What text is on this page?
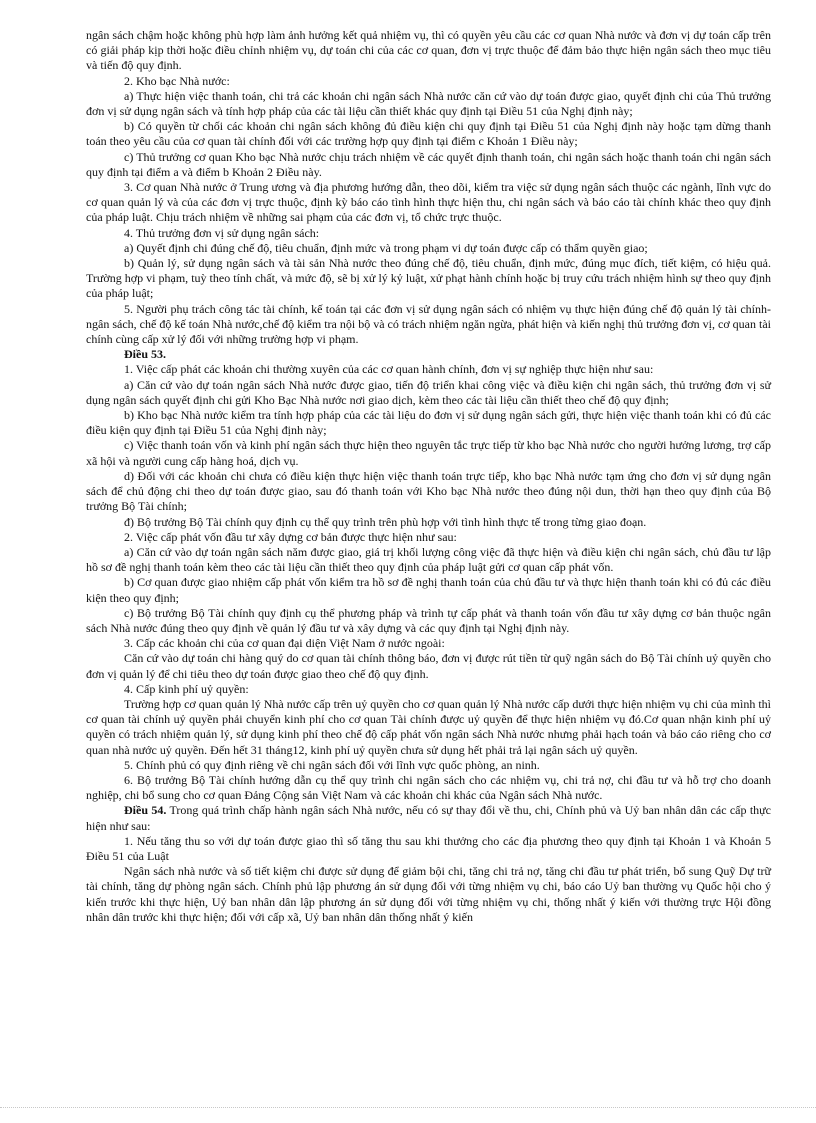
ngân sách chậm hoặc không phù hợp làm ảnh hưởng kết quả nhiệm vụ, thì có quyền yêu cầu các cơ quan Nhà nước và đơn vị dự toán cấp trên có giải pháp kịp thời hoặc điều chỉnh nhiệm vụ, dự toán chi của các cơ quan, đơn vị trực thuộc để đảm bảo thực hiện ngân sách theo mục tiêu và tiến độ quy định.

2. Kho bạc Nhà nước:

a) Thực hiện việc thanh toán, chi trả các khoản chi ngân sách Nhà nước căn cứ vào dự toán được giao, quyết định chi của Thủ trưởng đơn vị sử dụng ngân sách và tính hợp pháp của các tài liệu cần thiết khác quy định tại Điều 51 của Nghị định này;

b) Có quyền từ chối các khoản chi ngân sách không đủ điều kiện chi quy định tại Điều 51 của Nghị định này hoặc tạm dừng thanh toán theo yêu cầu của cơ quan tài chính đối với các trường hợp quy định tại điểm c Khoản 1 Điều này;

c) Thủ trưởng cơ quan Kho bạc Nhà nước chịu trách nhiệm về các quyết định thanh toán, chi ngân sách hoặc thanh toán chi ngân sách quy định tại điểm a và điểm b Khoản 2 Điều này.

3. Cơ quan Nhà nước ở Trung ương và địa phương hướng dẫn, theo dõi, kiểm tra việc sử dụng ngân sách thuộc các ngành, lĩnh vực do cơ quan quản lý và của các đơn vị trực thuộc, định kỳ báo cáo tình hình thực hiện thu, chi ngân sách và báo cáo tài chính khác theo quy định của pháp luật. Chịu trách nhiệm về những sai phạm của các đơn vị, tổ chức trực thuộc.

4. Thủ trưởng đơn vị sử dụng ngân sách:

a) Quyết định chi đúng chế độ, tiêu chuẩn, định mức và trong phạm vi dự toán được cấp có thẩm quyền giao;

b) Quản lý, sử dụng ngân sách và tài sản Nhà nước theo đúng chế độ, tiêu chuẩn, định mức, đúng mục đích, tiết kiệm, có hiệu quả. Trường hợp vi phạm, tuỳ theo tính chất, và mức độ, sẽ bị xử lý kỷ luật, xử phạt hành chính hoặc bị truy cứu trách nhiệm hình sự theo quy định của pháp luật;

5. Người phụ trách công tác tài chính, kế toán tại các đơn vị sử dụng ngân sách có nhiệm vụ thực hiện đúng chế độ quản lý tài chính- ngân sách, chế độ kế toán Nhà nước,chế độ kiểm tra nội bộ và có trách nhiệm ngăn ngừa, phát hiện và kiến nghị thủ trưởng đơn vị, cơ quan tài chính cùng cấp xử lý đối với những trường hợp vi phạm.

Điều 53.

1. Việc cấp phát các khoản chi thường xuyên của các cơ quan hành chính, đơn vị sự nghiệp thực hiện như sau:

a) Căn cứ vào dự toán ngân sách Nhà nước được giao, tiến độ triển khai công việc và điều kiện chi ngân sách, thủ trưởng đơn vị sử dụng ngân sách quyết định chi gửi Kho Bạc Nhà nước nơi giao dịch, kèm theo các tài liệu cần thiết theo chế độ quy định;

b) Kho bạc Nhà nước kiểm tra tính hợp pháp của các tài liệu do đơn vị sử dụng ngân sách gửi, thực hiện việc thanh toán khi có đủ các điều kiện quy định tại Điều 51 của Nghị định này;

c) Việc thanh toán vốn và kinh phí ngân sách thực hiện theo nguyên tắc trực tiếp từ kho bạc Nhà nước cho người hưởng lương, trợ cấp xã hội và người cung cấp hàng hoá, dịch vụ.

d) Đối với các khoản chi chưa có điều kiện thực hiện việc thanh toán trực tiếp, kho bạc Nhà nước tạm ứng cho đơn vị sử dụng ngân sách để chủ động chi theo dự toán được giao, sau đó thanh toán với Kho bạc Nhà nước theo đúng nội dun, thời hạn theo quy định của Bộ trưởng Bộ Tài chính;

đ) Bộ trưởng Bộ Tài chính quy định cụ thể quy trình trên phù hợp với tình hình thực tế trong từng giao đoạn.

2. Việc cấp phát vốn đầu tư xây dựng cơ bản được thực hiện như sau:

a) Căn cứ vào dự toán ngân sách năm được giao, giá trị khối lượng công việc đã thực hiện và điều kiện chi ngân sách, chủ đầu tư lập hồ sơ đề nghị thanh toán kèm theo các tài liệu cần thiết theo quy định của pháp luật gửi cơ quan cấp phát vốn.

b) Cơ quan được giao nhiệm cấp phát vốn kiểm tra hồ sơ đề nghị thanh toán của chủ đầu tư và thực hiện thanh toán khi có đủ các điều kiện theo quy định;

c) Bộ trưởng Bộ Tài chính quy định cụ thể phương pháp và trình tự cấp phát và thanh toán vốn đầu tư xây dựng cơ bản thuộc ngân sách Nhà nước đúng theo quy định về quản lý đầu tư và xây dựng và các quy định tại Nghị định này.

3. Cấp các khoản chi của cơ quan đại diện Việt Nam ở nước ngoài:

Căn cứ vào dự toán chi hàng quý do cơ quan tài chính thông báo, đơn vị được rút tiền từ quỹ ngân sách do Bộ Tài chính uỷ quyền cho đơn vị quản lý để chi tiêu theo dự toán được giao theo chế độ quy định.

4. Cấp kinh phí uỷ quyền:

Trường hợp cơ quan quản lý Nhà nước cấp trên uỷ quyền cho cơ quan quản lý Nhà nước cấp dưới thực hiện nhiệm vụ chi của mình thì cơ quan tài chính uỷ quyền phải chuyển kinh phí cho cơ quan Tài chính được uỷ quyền để thực hiện nhiệm vụ đó.Cơ quan nhận kinh phí uỷ quyền có trách nhiệm quản lý, sử dụng kinh phí theo chế độ cấp phát vốn ngân sách Nhà nước nhưng phải hạch toán và báo cáo riêng cho cơ quan nhà nước uỷ quyền. Đến hết 31 tháng12, kinh phí uỷ quyền chưa sử dụng hết phải trả lại ngân sách uỷ quyền.

5. Chính phủ có quy định riêng về chi ngân sách đối với lĩnh vực quốc phòng, an ninh.

6. Bộ trưởng Bộ Tài chính hướng dẫn cụ thể quy trình chi ngân sách cho các nhiệm vụ, chi trả nợ, chi đầu tư và hỗ trợ cho doanh nghiệp, chi bổ sung cho cơ quan Đảng Cộng sản Việt Nam và các khoản chi khác của Ngân sách Nhà nước.

Điều 54. Trong quá trình chấp hành ngân sách Nhà nước, nếu có sự thay đổi về thu, chi, Chính phủ và Uỷ ban nhân dân các cấp thực hiện như sau:

1. Nếu tăng thu so với dự toán được giao thì số tăng thu sau khi thưởng cho các địa phương theo quy định tại Khoản 1 và Khoản 5 Điều 51 của Luật

Ngân sách nhà nước và số tiết kiệm chi được sử dụng để giảm bội chi, tăng chi trả nợ, tăng chi đầu tư phát triển, bổ sung Quỹ Dự trữ tài chính, tăng dự phòng ngân sách. Chính phủ lập phương án sử dụng đối với từng nhiệm vụ chi, báo cáo Uỷ ban thường vụ Quốc hội cho ý kiến trước khi thực hiện, Uỷ ban nhân dân lập phương án sử dụng đối với từng nhiệm vụ chi, thống nhất ý kiến với thường trực Hội đồng nhân dân trước khi thực hiện; đối với cấp xã, Uỷ ban nhân dân thống nhất ý kiến
